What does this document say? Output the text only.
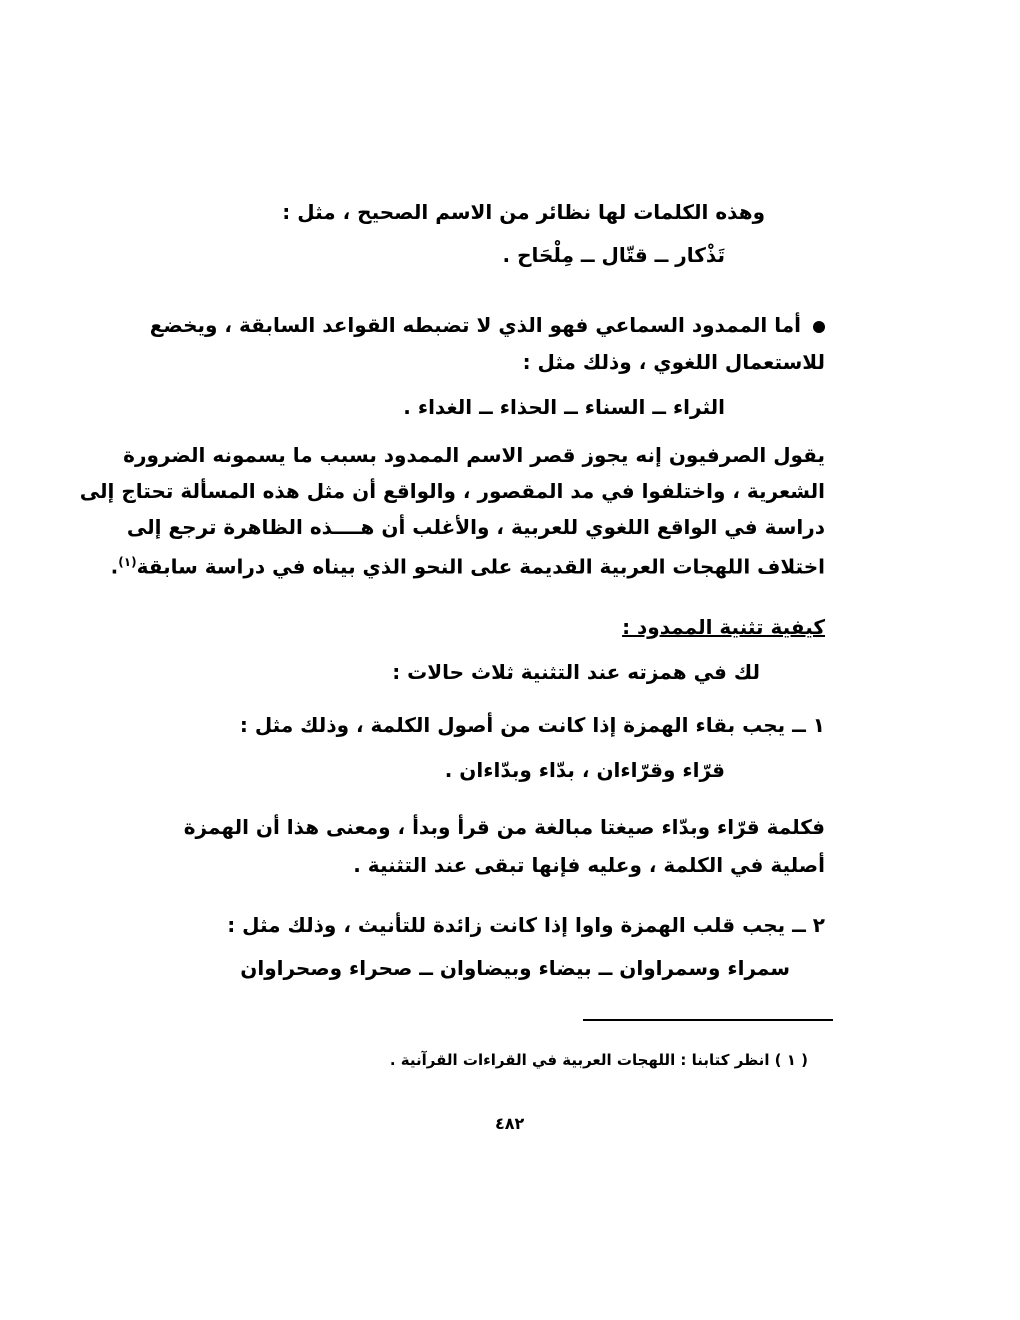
وهذه الكلمات لها نظائر من الاسم الصحيح ، مثل :
تَذْكار ــ قتّال ــ مِلْحَاح .
أما الممدود السماعي فهو الذي لا تضبطه القواعد السابقة ، ويخضع
للاستعمال اللغوي ، وذلك مثل :
الثراء ــ السناء ــ الحذاء ــ الغداء .
يقول الصرفيون إنه يجوز قصر الاسم الممدود بسبب ما يسمونه الضرورة
الشعرية ، واختلفوا في مد المقصور ، والواقع أن مثل هذه المسألة تحتاج إلى
دراسة في الواقع اللغوي للعربية ، والأغلب أن هــــذه الظاهرة ترجع إلى
اختلاف اللهجات العربية القديمة على النحو الذي بيناه في دراسة سابقة$^{(١)}$.
كيفية تثنية الممدود :
لك في همزته عند التثنية ثلاث حالات :
١ ــ يجب بقاء الهمزة إذا كانت من أصول الكلمة ، وذلك مثل :
قرّاء وقرّاءان ، بدّاء وبدّاءان .
فكلمة قرّاء وبدّاء صيغتا مبالغة من قرأ وبدأ ، ومعنى هذا أن الهمزة
أصلية في الكلمة ، وعليه فإنها تبقى عند التثنية .
٢ ــ يجب قلب الهمزة واوا إذا كانت زائدة للتأنيث ، وذلك مثل :
سمراء وسمراوان ــ بيضاء وبيضاوان ــ صحراء وصحراوان
( ١ ) انظر كتابنا : اللهجات العربية في القراءات القرآنية .
٤٨٢
